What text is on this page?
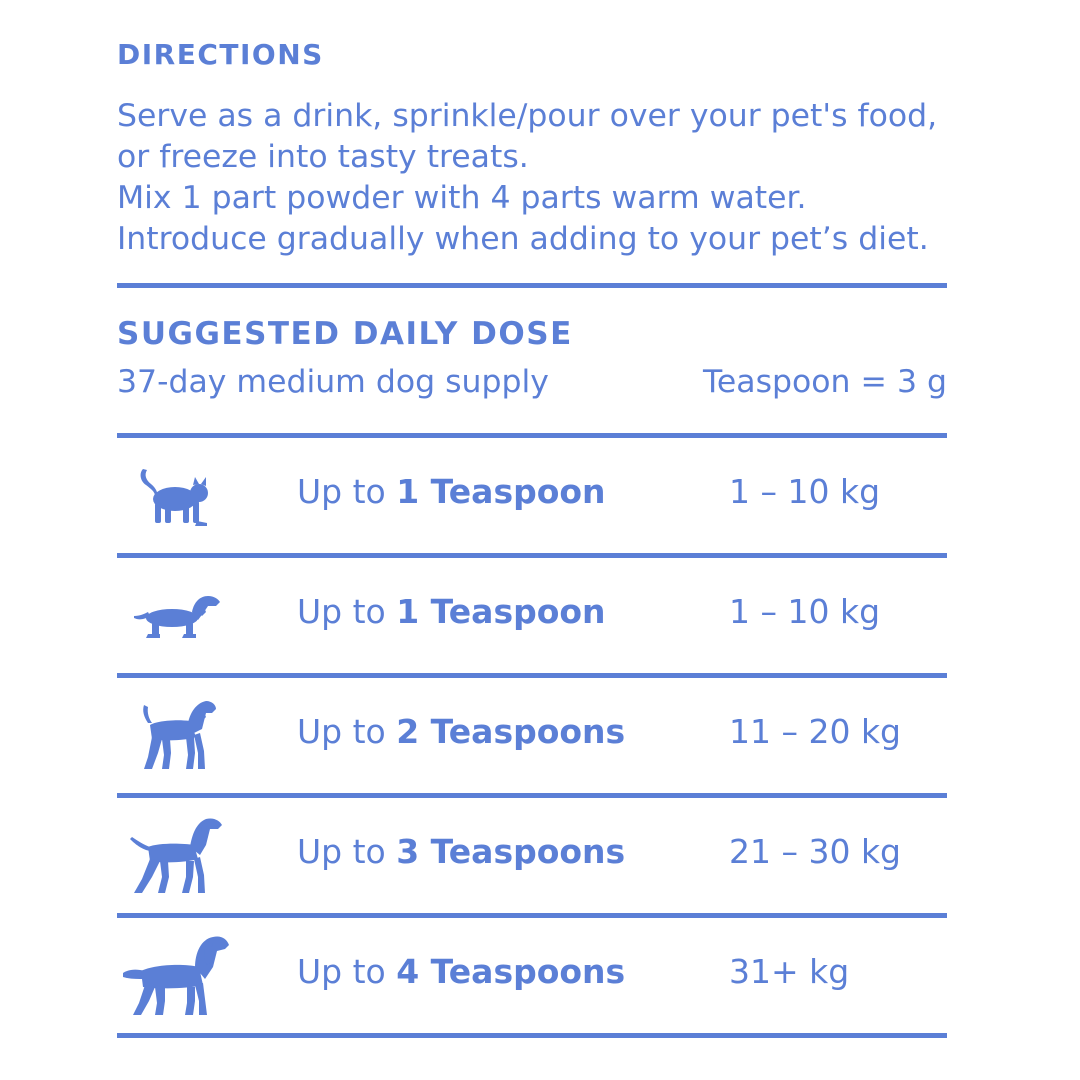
DIRECTIONS
Serve as a drink, sprinkle/pour over your pet's food,
or freeze into tasty treats.
Mix 1 part powder with 4 parts warm water.
Introduce gradually when adding to your pet’s diet.
SUGGESTED DAILY DOSE
37-day medium dog supply	Teaspoon = 3 g
Up to 1 Teaspoon	1 – 10 kg
Up to 1 Teaspoon	1 – 10 kg
Up to 2 Teaspoons	11 – 20 kg
Up to 3 Teaspoons	21 – 30 kg
Up to 4 Teaspoons	31+ kg
